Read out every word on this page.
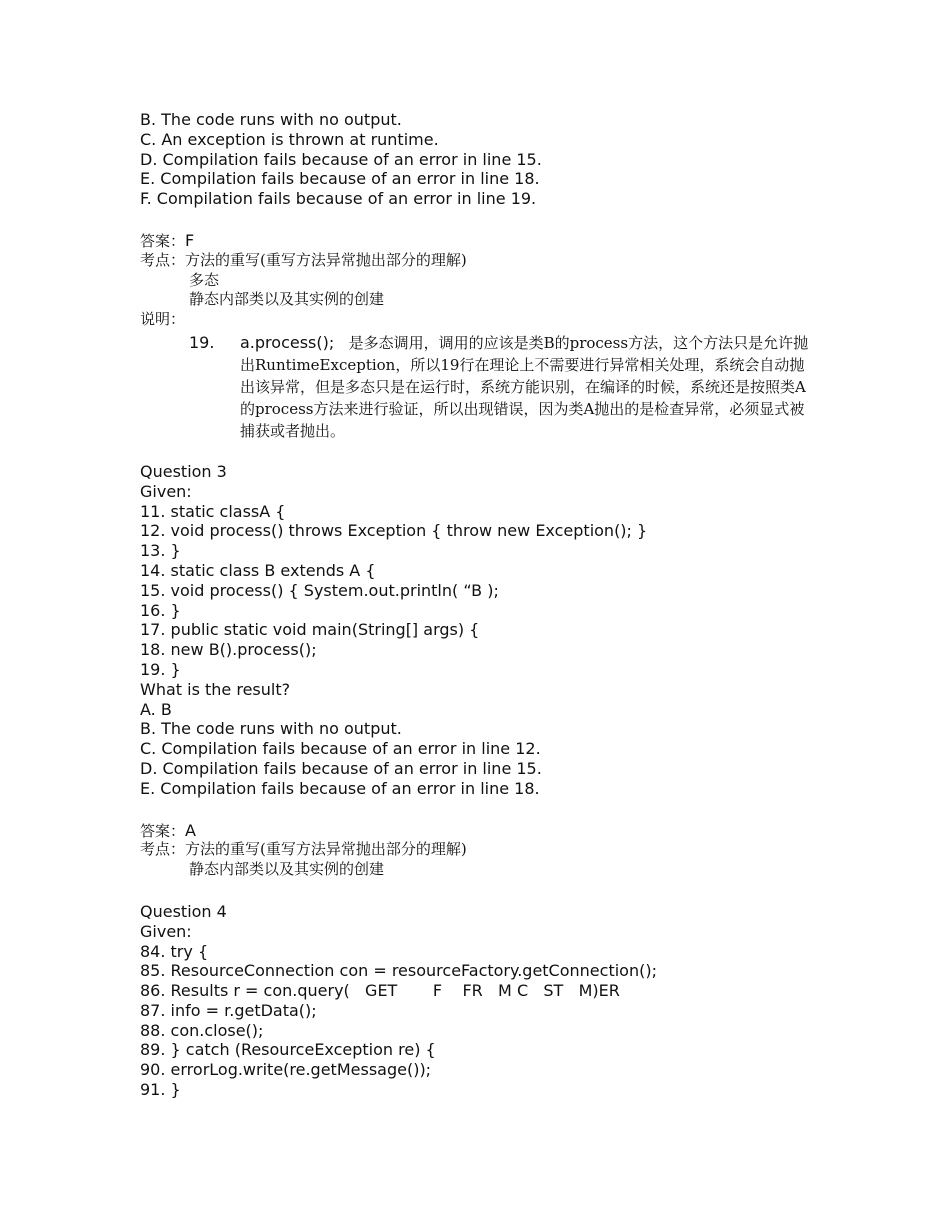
B. The code runs with no output.
C. An exception is thrown at runtime.
D. Compilation fails because of an error in line 15.
E. Compilation fails because of an error in line 18.
F. Compilation fails because of an error in line 19.
答案：F
考点：方法的重写(重写方法异常抛出部分的理解)
多态
静态内部类以及其实例的创建
说明：
19. a.process(); 是多态调用，调用的应该是类B的process方法，这个方法只是允许抛出RuntimeException，所以19行在理论上不需要进行异常相关处理，系统会自动抛出该异常，但是多态只是在运行时，系统方能识别，在编译的时候，系统还是按照类A的process方法来进行验证，所以出现错误，因为类A抛出的是检查异常，必须显式被捕获或者抛出。
Question 3
Given:
11. static classA {
12. void process() throws Exception { throw new Exception(); }
13. }
14. static class B extends A {
15. void process() { System.out.println( “B );
16. }
17. public static void main(String[] args) {
18. new B().process();
19. }
What is the result?
A. B
B. The code runs with no output.
C. Compilation fails because of an error in line 12.
D. Compilation fails because of an error in line 15.
E. Compilation fails because of an error in line 18.
答案：A
考点：方法的重写(重写方法异常抛出部分的理解)
静态内部类以及其实例的创建
Question 4
Given:
84. try {
85. ResourceConnection con = resourceFactory.getConnection();
86. Results r = con.query(   GET       F    FR   M C   ST   M)ER
87. info = r.getData();
88. con.close();
89. } catch (ResourceException re) {
90. errorLog.write(re.getMessage());
91. }
